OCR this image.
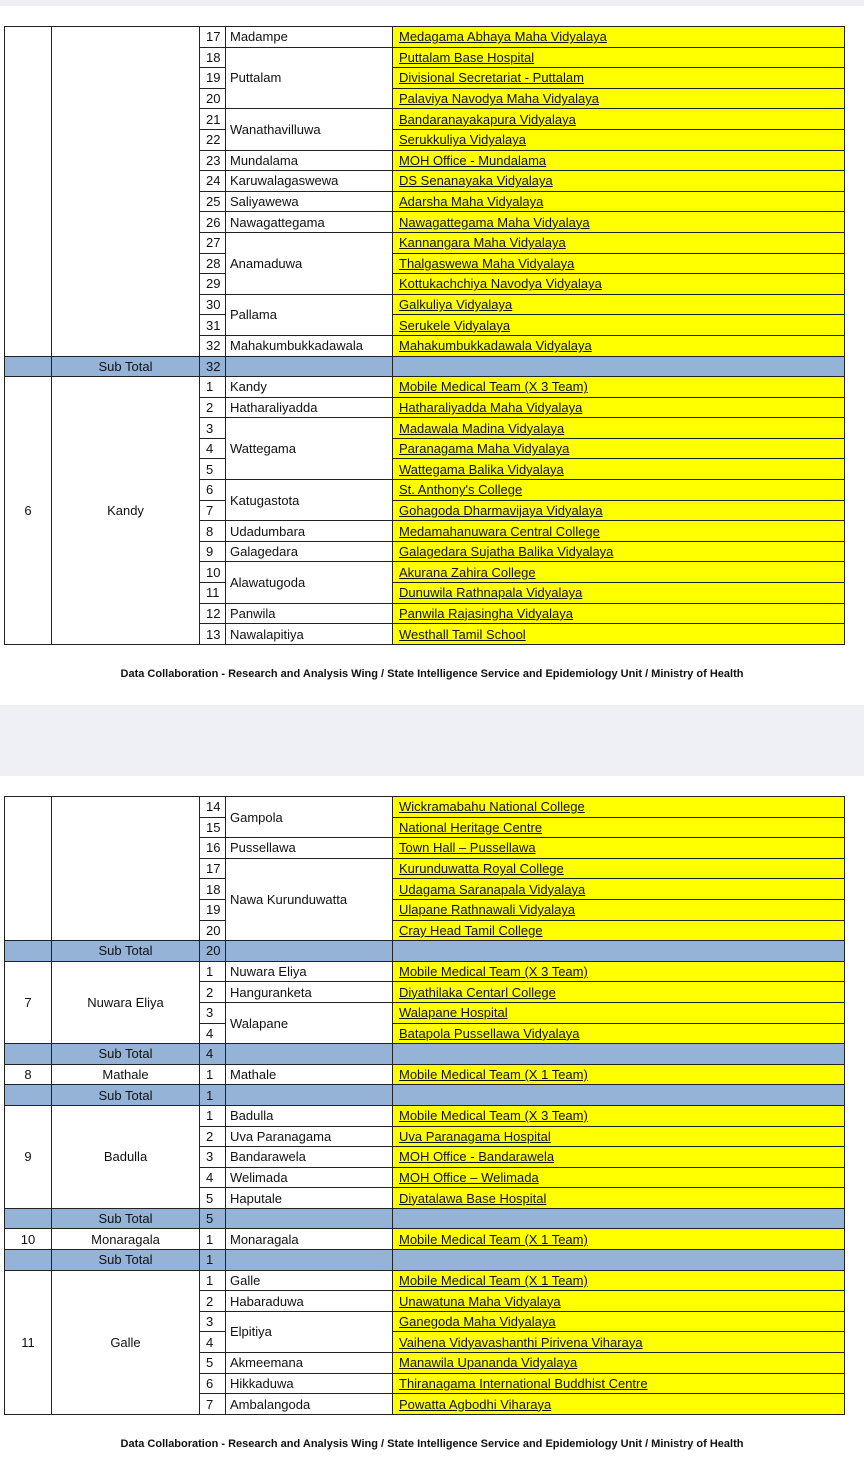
		17	Madampe	Medagama Abhaya Maha Vidyalaya
		18	Puttalam	Puttalam Base Hospital
		19		Divisional Secretariat - Puttalam
		20		Palaviya Navodya Maha Vidyalaya
		21	Wanathavilluwa	Bandaranayakapura Vidyalaya
		22		Serukkuliya Vidyalaya
		23	Mundalama	MOH Office - Mundalama
		24	Karuwalagaswewa	DS Senanayaka Vidyalaya
		25	Saliyawewa	Adarsha Maha Vidyalaya
		26	Nawagattegama	Nawagattegama Maha Vidyalaya
		27	Anamaduwa	Kannangara Maha Vidyalaya
		28		Thalgaswewa Maha Vidyalaya
		29		Kottukachchiya Navodya Vidyalaya
		30	Pallama	Galkuliya Vidyalaya
		31		Serukele Vidyalaya
		32	Mahakumbukkadawala	Mahakumbukkadawala Vidyalaya
	Sub Total	32		
6	Kandy	1	Kandy	Mobile Medical Team (X 3 Team)
		2	Hatharaliyadda	Hatharaliyadda Maha Vidyalaya
		3	Wattegama	Madawala Madina Vidyalaya
		4		Paranagama Maha Vidyalaya
		5		Wattegama Balika Vidyalaya
		6	Katugastota	St. Anthony's College
		7		Gohagoda Dharmavijaya Vidyalaya
		8	Udadumbara	Medamahanuwara Central College
		9	Galagedara	Galagedara Sujatha Balika Vidyalaya
		10	Alawatugoda	Akurana Zahira College
		11		Dunuwila Rathnapala Vidyalaya
		12	Panwila	Panwila Rajasingha Vidyalaya
		13	Nawalapitiya	Westhall Tamil School
Data Collaboration - Research and Analysis Wing / State Intelligence Service and Epidemiology Unit / Ministry of Health
		14	Gampola	Wickramabahu National College
		15		National Heritage Centre
		16	Pussellawa	Town Hall – Pussellawa
		17	Nawa Kurunduwatta	Kurunduwatta Royal College
		18		Udagama Saranapala Vidyalaya
		19		Ulapane Rathnawali Vidyalaya
		20		Cray Head Tamil College
	Sub Total	20		
7	Nuwara Eliya	1	Nuwara Eliya	Mobile Medical Team (X 3 Team)
		2	Hanguranketa	Diyathilaka Centarl College
		3	Walapane	Walapane Hospital
		4		Batapola Pussellawa Vidyalaya
	Sub Total	4		
8	Mathale	1	Mathale	Mobile Medical Team (X 1 Team)
	Sub Total	1		
9	Badulla	1	Badulla	Mobile Medical Team (X 3 Team)
		2	Uva Paranagama	Uva Paranagama Hospital
		3	Bandarawela	MOH Office - Bandarawela
		4	Welimada	MOH Office – Welimada
		5	Haputale	Diyatalawa Base Hospital
	Sub Total	5		
10	Monaragala	1	Monaragala	Mobile Medical Team (X 1 Team)
	Sub Total	1		
11	Galle	1	Galle	Mobile Medical Team (X 1 Team)
		2	Habaraduwa	Unawatuna Maha Vidyalaya
		3	Elpitiya	Ganegoda Maha Vidyalaya
		4		Vaihena Vidyavashanthi Pirivena Viharaya
		5	Akmeemana	Manawila Upananda Vidyalaya
		6	Hikkaduwa	Thiranagama International Buddhist Centre
		7	Ambalangoda	Powatta Agbodhi Viharaya
Data Collaboration - Research and Analysis Wing / State Intelligence Service and Epidemiology Unit / Ministry of Health
